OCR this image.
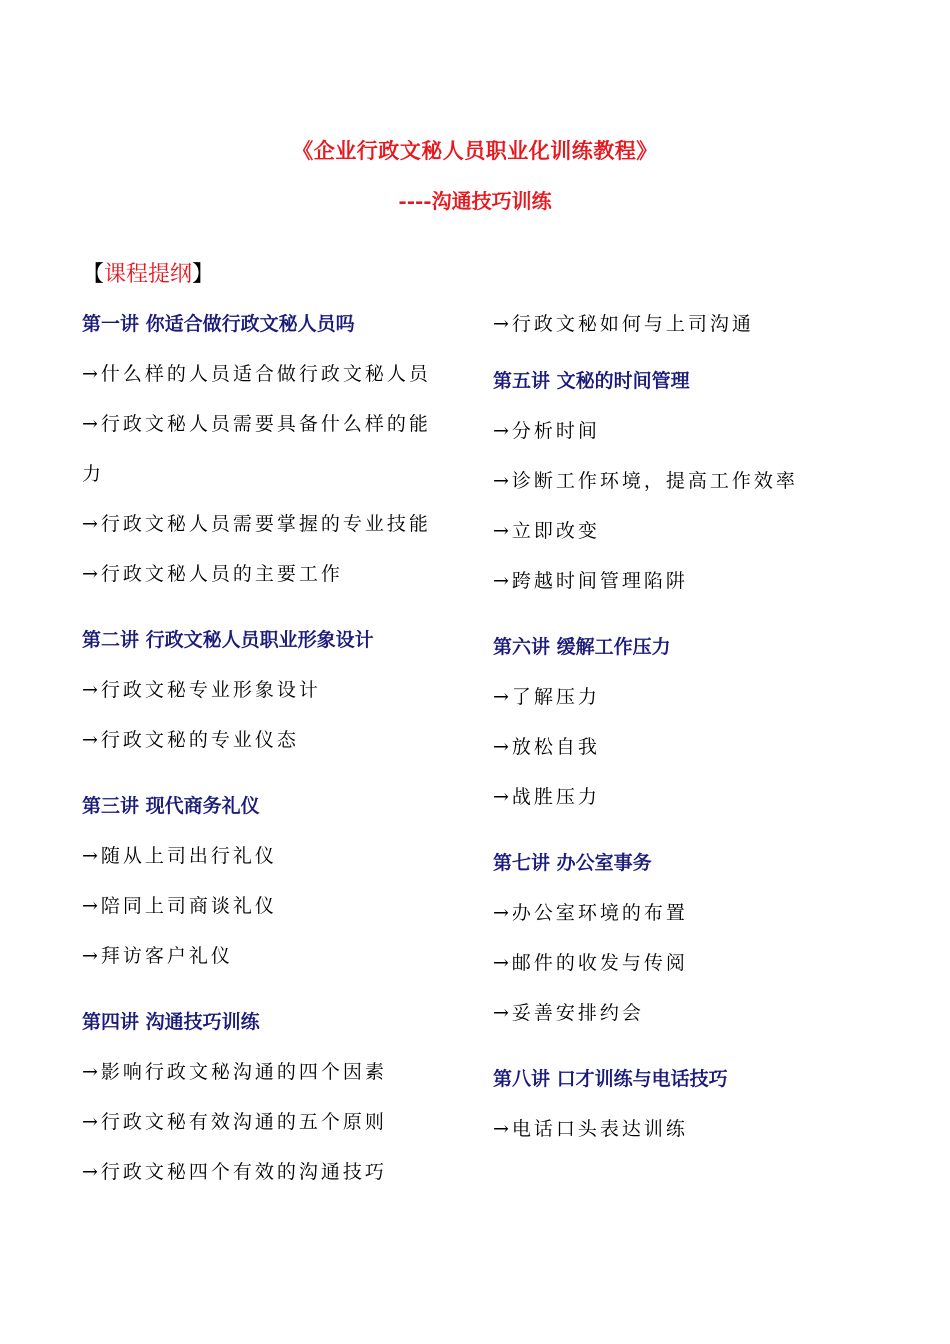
《企业行政文秘人员职业化训练教程》
----沟通技巧训练
【课程提纲】
第一讲 你适合做行政文秘人员吗
→什么样的人员适合做行政文秘人员
→行政文秘人员需要具备什么样的能力
→行政文秘人员需要掌握的专业技能
→行政文秘人员的主要工作
第二讲 行政文秘人员职业形象设计
→行政文秘专业形象设计
→行政文秘的专业仪态
第三讲 现代商务礼仪
→随从上司出行礼仪
→陪同上司商谈礼仪
→拜访客户礼仪
第四讲 沟通技巧训练
→影响行政文秘沟通的四个因素
→行政文秘有效沟通的五个原则
→行政文秘四个有效的沟通技巧
→行政文秘如何与上司沟通
第五讲 文秘的时间管理
→分析时间
→诊断工作环境，提高工作效率
→立即改变
→跨越时间管理陷阱
第六讲 缓解工作压力
→了解压力
→放松自我
→战胜压力
第七讲 办公室事务
→办公室环境的布置
→邮件的收发与传阅
→妥善安排约会
第八讲 口才训练与电话技巧
→电话口头表达训练
